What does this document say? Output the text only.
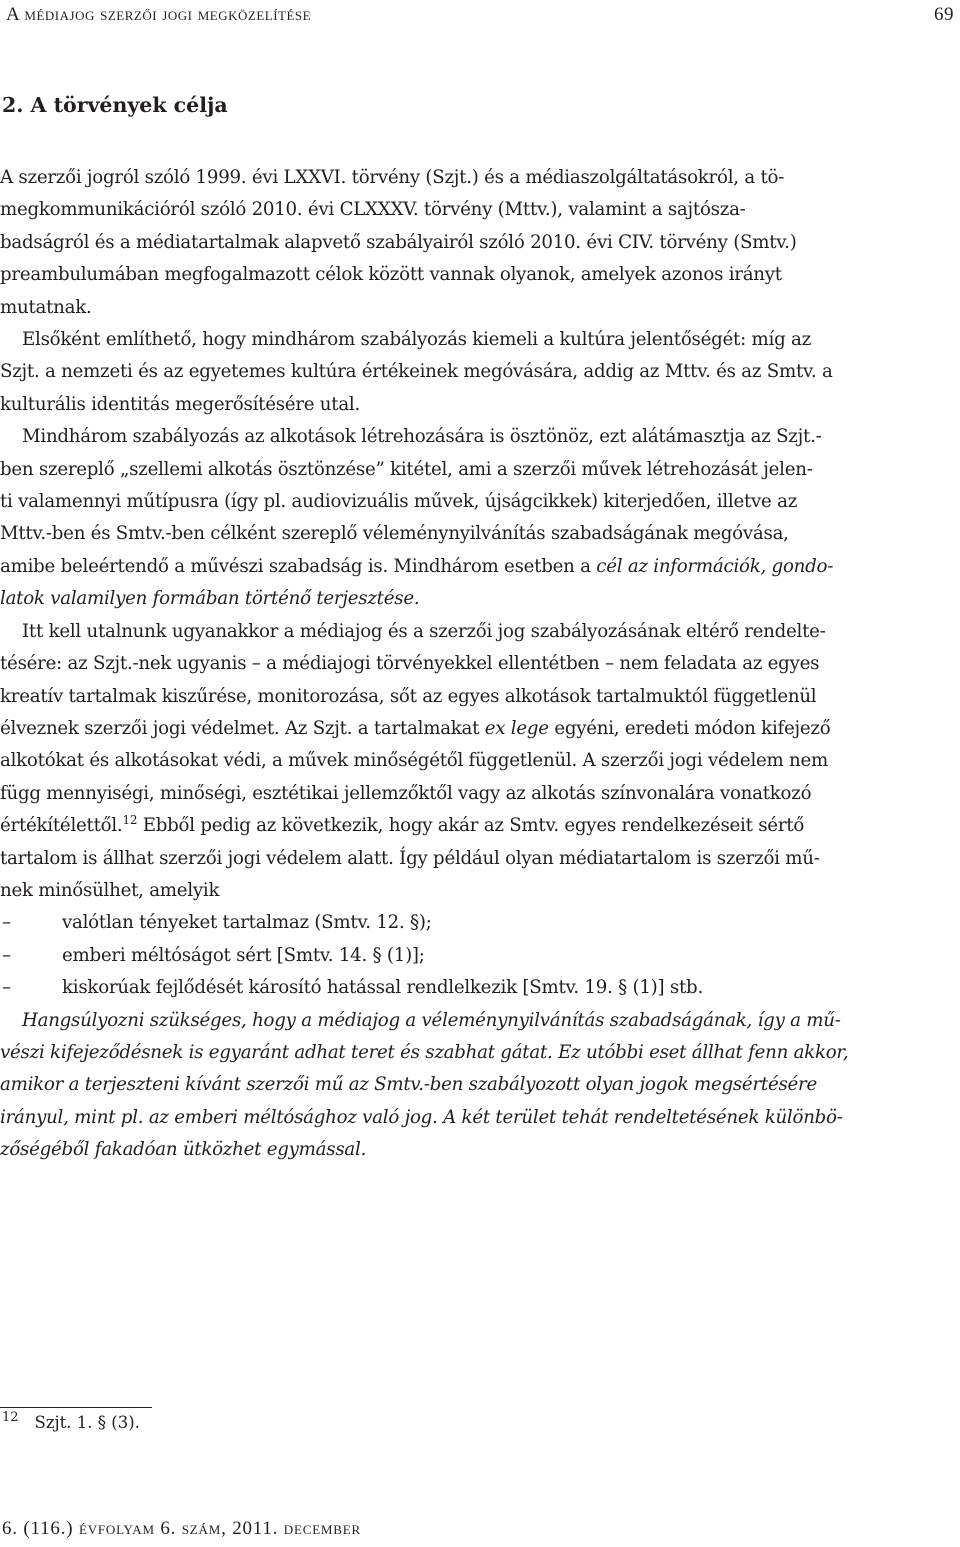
A médiajog szerzői jogi megközelítése	69
2. A törvények célja

A szerzői jogról szóló 1999. évi LXXVI. törvény (Szjt.) és a médiaszolgáltatásokról, a tö-
megkommunikációról szóló 2010. évi CLXXXV. törvény (Mttv.), valamint a sajtósza-
badságról és a médiatartalmak alapvető szabályairól szóló 2010. évi CIV. törvény (Smtv.)
preambulumában megfogalmazott célok között vannak olyanok, amelyek azonos irányt
mutatnak.

Elsőként említhető, hogy mindhárom szabályozás kiemeli a kultúra jelentőségét: míg az
Szjt. a nemzeti és az egyetemes kultúra értékeinek megóvására, addig az Mttv. és az Smtv. a
kulturális identitás megerősítésére utal.

Mindhárom szabályozás az alkotások létrehozására is ösztönöz, ezt alátámasztja az Szjt.-
ben szereplő „szellemi alkotás ösztönzése” kitétel, ami a szerzői művek létrehozását jelen-
ti valamennyi műtípusra (így pl. audiovizuális művek, újságcikkek) kiterjedően, illetve az
Mttv.-ben és Smtv.-ben célként szereplő véleménynyilvánítás szabadságának megóvása,
amibe beleértendő a művészi szabadság is. Mindhárom esetben a cél az információk, gondo-
latok valamilyen formában történő terjesztése.

Itt kell utalnunk ugyanakkor a médiajog és a szerzői jog szabályozásának eltérő rendelte-
tésére: az Szjt.-nek ugyanis – a médiajogi törvényekkel ellentétben – nem feladata az egyes
kreatív tartalmak kiszűrése, monitorozása, sőt az egyes alkotások tartalmuktól függetlenül
élveznek szerzői jogi védelmet. Az Szjt. a tartalmakat ex lege egyéni, eredeti módon kifejező
alkotókat és alkotásokat védi, a művek minőségétől függetlenül. A szerzői jogi védelem nem
függ mennyiségi, minőségi, esztétikai jellemzőktől vagy az alkotás színvonalára vonatkozó
értékítélettől.$^{12}$ Ebből pedig az következik, hogy akár az Smtv. egyes rendelkezéseit sértő
tartalom is állhat szerzői jogi védelem alatt. Így például olyan médiatartalom is szerzői mű-
nek minősülhet, amelyik

–	valótlan tényeket tartalmaz (Smtv. 12. §);
–	emberi méltóságot sért [Smtv. 14. § (1)];
–	kiskorúak fejlődését károsító hatással rendlelkezik [Smtv. 19. § (1)] stb.

Hangsúlyozni szükséges, hogy a médiajog a véleménynyilvánítás szabadságának, így a mű-
vészi kifejeződésnek is egyaránt adhat teret és szabhat gátat. Ez utóbbi eset állhat fenn akkor,
amikor a terjeszteni kívánt szerzői mű az Smtv.-ben szabályozott olyan jogok megsértésére
irányul, mint pl. az emberi méltósághoz való jog. A két terület tehát rendeltetésének különbö-
zőségéből fakadóan ütközhet egymással.

$^{12}$ Szjt. 1. § (3).
6. (116.) évfolyam 6. szám, 2011. december
